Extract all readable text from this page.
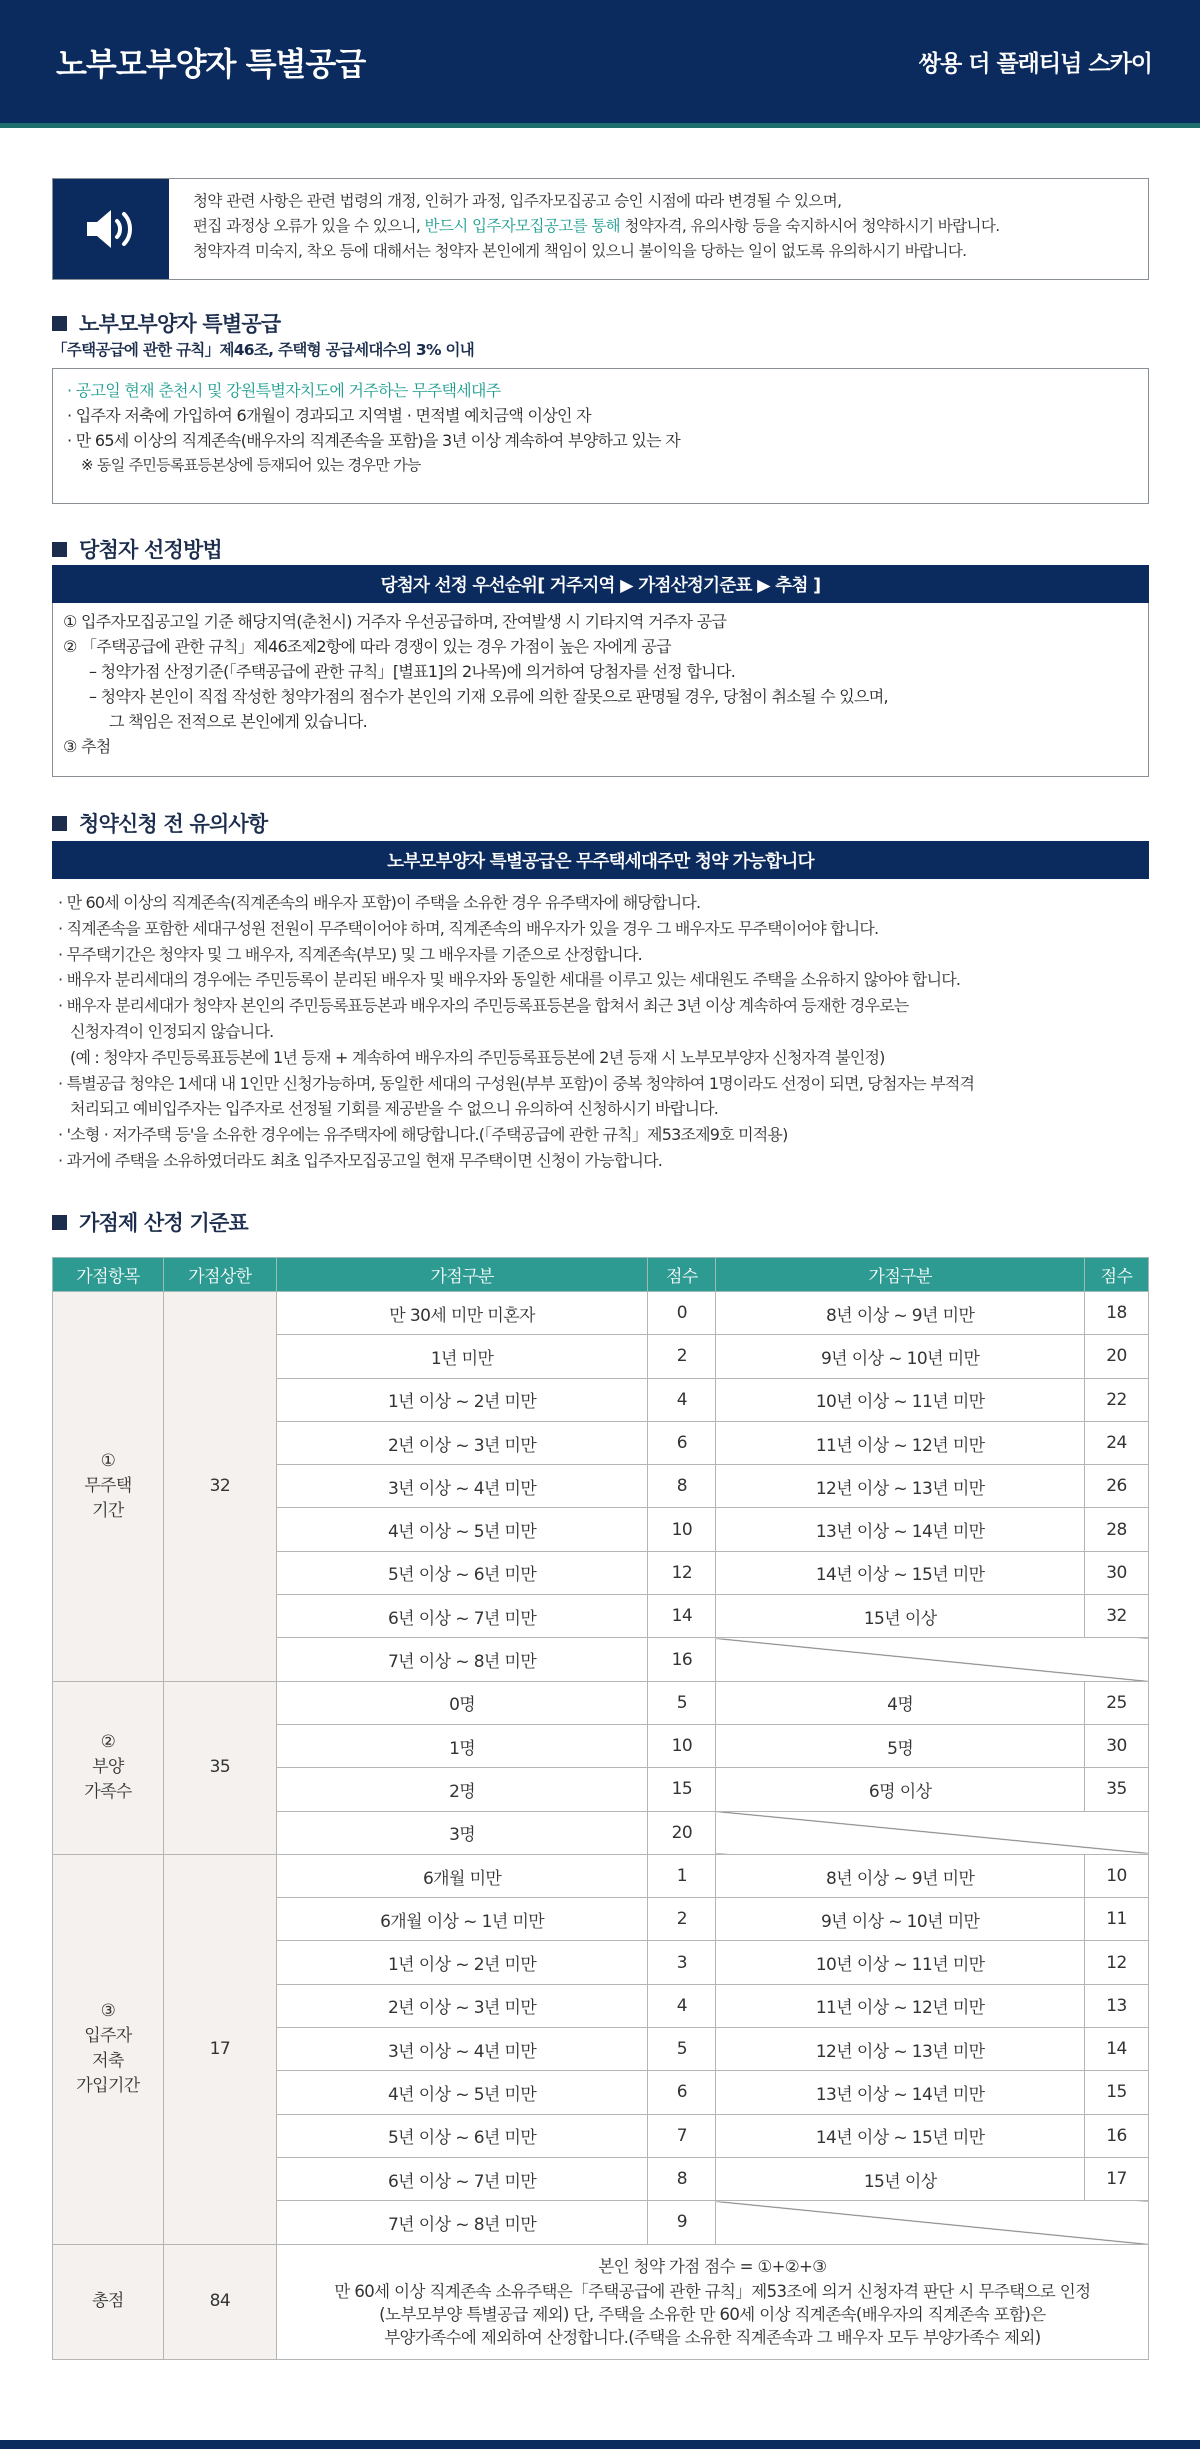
노부모부양자 특별공급	쌍용 더 플래티넘 스카이

청약 관련 사항은 관련 법령의 개정, 인허가 과정, 입주자모집공고 승인 시점에 따라 변경될 수 있으며,

편집 과정상 오류가 있을 수 있으니, 반드시 입주자모집공고를 통해 청약자격, 유의사항 등을 숙지하시어 청약하시기 바랍니다.

청약자격 미숙지, 착오 등에 대해서는 청약자 본인에게 책임이 있으니 불이익을 당하는 일이 없도록 유의하시기 바랍니다.

노부모부양자 특별공급
「주택공급에 관한 규칙」제46조, 주택형 공급세대수의 3% 이내

· 공고일 현재 춘천시 및 강원특별자치도에 거주하는 무주택세대주

· 입주자 저축에 가입하여 6개월이 경과되고 지역별 · 면적별 예치금액 이상인 자

· 만 65세 이상의 직계존속(배우자의 직계존속을 포함)을 3년 이상 계속하여 부양하고 있는 자

※ 동일 주민등록표등본상에 등재되어 있는 경우만 가능

당첨자 선정방법
당첨자 선정 우선순위[ 거주지역 ▶ 가점산정기준표 ▶ 추첨 ]

① 입주자모집공고일 기준 해당지역(춘천시) 거주자 우선공급하며, 잔여발생 시 기타지역 거주자 공급

② 「주택공급에 관한 규칙」제46조제2항에 따라 경쟁이 있는 경우 가점이 높은 자에게 공급

– 청약가점 산정기준(「주택공급에 관한 규칙」[별표1]의 2나목)에 의거하여 당첨자를 선정 합니다.

– 청약자 본인이 직접 작성한 청약가점의 점수가 본인의 기재 오류에 의한 잘못으로 판명될 경우, 당첨이 취소될 수 있으며,

그 책임은 전적으로 본인에게 있습니다.

③ 추첨

청약신청 전 유의사항
노부모부양자 특별공급은 무주택세대주만 청약 가능합니다

· 만 60세 이상의 직계존속(직계존속의 배우자 포함)이 주택을 소유한 경우 유주택자에 해당합니다.

· 직계존속을 포함한 세대구성원 전원이 무주택이어야 하며, 직계존속의 배우자가 있을 경우 그 배우자도 무주택이어야 합니다.

· 무주택기간은 청약자 및 그 배우자, 직계존속(부모) 및 그 배우자를 기준으로 산정합니다.

· 배우자 분리세대의 경우에는 주민등록이 분리된 배우자 및 배우자와 동일한 세대를 이루고 있는 세대원도 주택을 소유하지 않아야 합니다.

· 배우자 분리세대가 청약자 본인의 주민등록표등본과 배우자의 주민등록표등본을 합쳐서 최근 3년 이상 계속하여 등재한 경우로는

신청자격이 인정되지 않습니다.

(예 : 청약자 주민등록표등본에 1년 등재 + 계속하여 배우자의 주민등록표등본에 2년 등재 시 노부모부양자 신청자격 불인정)

· 특별공급 청약은 1세대 내 1인만 신청가능하며, 동일한 세대의 구성원(부부 포함)이 중복 청약하여 1명이라도 선정이 되면, 당첨자는 부적격

처리되고 예비입주자는 입주자로 선정될 기회를 제공받을 수 없으니 유의하여 신청하시기 바랍니다.

· '소형 · 저가주택 등'을 소유한 경우에는 유주택자에 해당합니다.(「주택공급에 관한 규칙」제53조제9호 미적용)

· 과거에 주택을 소유하였더라도 최초 입주자모집공고일 현재 무주택이면 신청이 가능합니다.

가점제 산정 기준표
가점항목	가점상한	가점구분	점수	가점구분	점수

①
무주택
기간	32	만 30세 미만 미혼자	0	8년 이상 ~ 9년 미만	18
		1년 미만	2	9년 이상 ~ 10년 미만	20
		1년 이상 ~ 2년 미만	4	10년 이상 ~ 11년 미만	22
		2년 이상 ~ 3년 미만	6	11년 이상 ~ 12년 미만	24
		3년 이상 ~ 4년 미만	8	12년 이상 ~ 13년 미만	26
		4년 이상 ~ 5년 미만	10	13년 이상 ~ 14년 미만	28
		5년 이상 ~ 6년 미만	12	14년 이상 ~ 15년 미만	30
		6년 이상 ~ 7년 미만	14	15년 이상	32
		7년 이상 ~ 8년 미만	16		

②
부양
가족수	35	0명	5	4명	25
		1명	10	5명	30
		2명	15	6명 이상	35
		3명	20		

③
입주자
저축
가입기간	17	6개월 미만	1	8년 이상 ~ 9년 미만	10
		6개월 이상 ~ 1년 미만	2	9년 이상 ~ 10년 미만	11
		1년 이상 ~ 2년 미만	3	10년 이상 ~ 11년 미만	12
		2년 이상 ~ 3년 미만	4	11년 이상 ~ 12년 미만	13
		3년 이상 ~ 4년 미만	5	12년 이상 ~ 13년 미만	14
		4년 이상 ~ 5년 미만	6	13년 이상 ~ 14년 미만	15
		5년 이상 ~ 6년 미만	7	14년 이상 ~ 15년 미만	16
		6년 이상 ~ 7년 미만	8	15년 이상	17
		7년 이상 ~ 8년 미만	9		
총점	84	본인 청약 가점 점수 = ①+②+③
만 60세 이상 직계존속 소유주택은「주택공급에 관한 규칙」제53조에 의거 신청자격 판단 시 무주택으로 인정
(노부모부양 특별공급 제외) 단, 주택을 소유한 만 60세 이상 직계존속(배우자의 직계존속 포함)은
부양가족수에 제외하여 산정합니다.(주택을 소유한 직계존속과 그 배우자 모두 부양가족수 제외)			
